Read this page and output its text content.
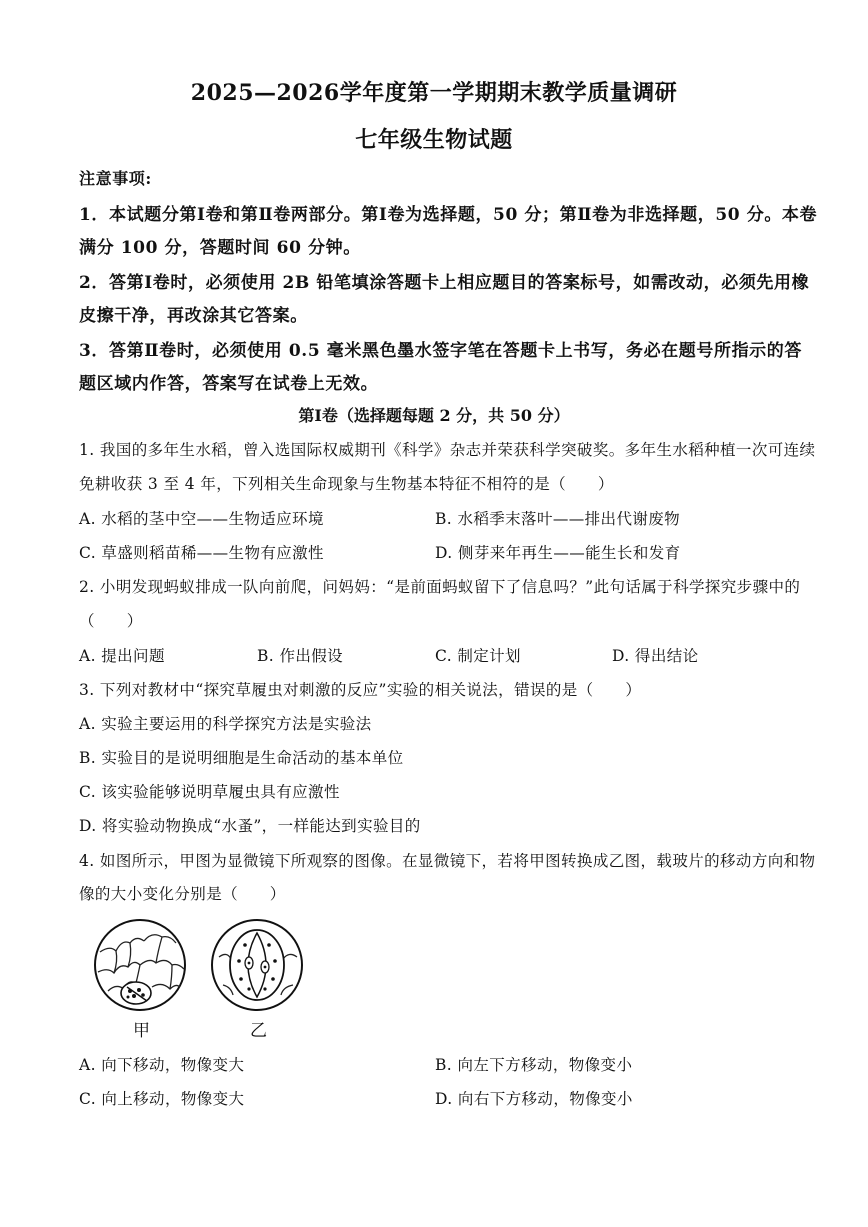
2025—2026学年度第一学期期末教学质量调研
七年级生物试题
注意事项:
1．本试题分第Ⅰ卷和第Ⅱ卷两部分。第Ⅰ卷为选择题，50 分；第Ⅱ卷为非选择题，50 分。本卷
满分 100 分，答题时间 60 分钟。
2．答第Ⅰ卷时，必须使用 2B 铅笔填涂答题卡上相应题目的答案标号，如需改动，必须先用橡
皮擦干净，再改涂其它答案。
3．答第Ⅱ卷时，必须使用 0.5 毫米黑色墨水签字笔在答题卡上书写，务必在题号所指示的答
题区域内作答，答案写在试卷上无效。
第Ⅰ卷（选择题每题 2 分，共 50 分）
1. 我国的多年生水稻，曾入选国际权威期刊《科学》杂志并荣获科学突破奖。多年生水稻种植一次可连续
免耕收获 3 至 4 年，下列相关生命现象与生物基本特征不相符的是（　　）
A. 水稻的茎中空——生物适应环境	B. 水稻季末落叶——排出代谢废物
C. 草盛则稻苗稀——生物有应激性	D. 侧芽来年再生——能生长和发育
2. 小明发现蚂蚁排成一队向前爬，问妈妈：“是前面蚂蚁留下了信息吗？”此句话属于科学探究步骤中的
（　　）
A. 提出问题	B. 作出假设	C. 制定计划	D. 得出结论
3. 下列对教材中“探究草履虫对刺激的反应”实验的相关说法，错误的是（　　）
A. 实验主要运用的科学探究方法是实验法
B. 实验目的是说明细胞是生命活动的基本单位
C. 该实验能够说明草履虫具有应激性
D. 将实验动物换成“水蚤”，一样能达到实验目的
4. 如图所示，甲图为显微镜下所观察的图像。在显微镜下，若将甲图转换成乙图，载玻片的移动方向和物
像的大小变化分别是（　　）
甲	乙
A. 向下移动，物像变大	B. 向左下方移动，物像变小
C. 向上移动，物像变大	D. 向右下方移动，物像变小
